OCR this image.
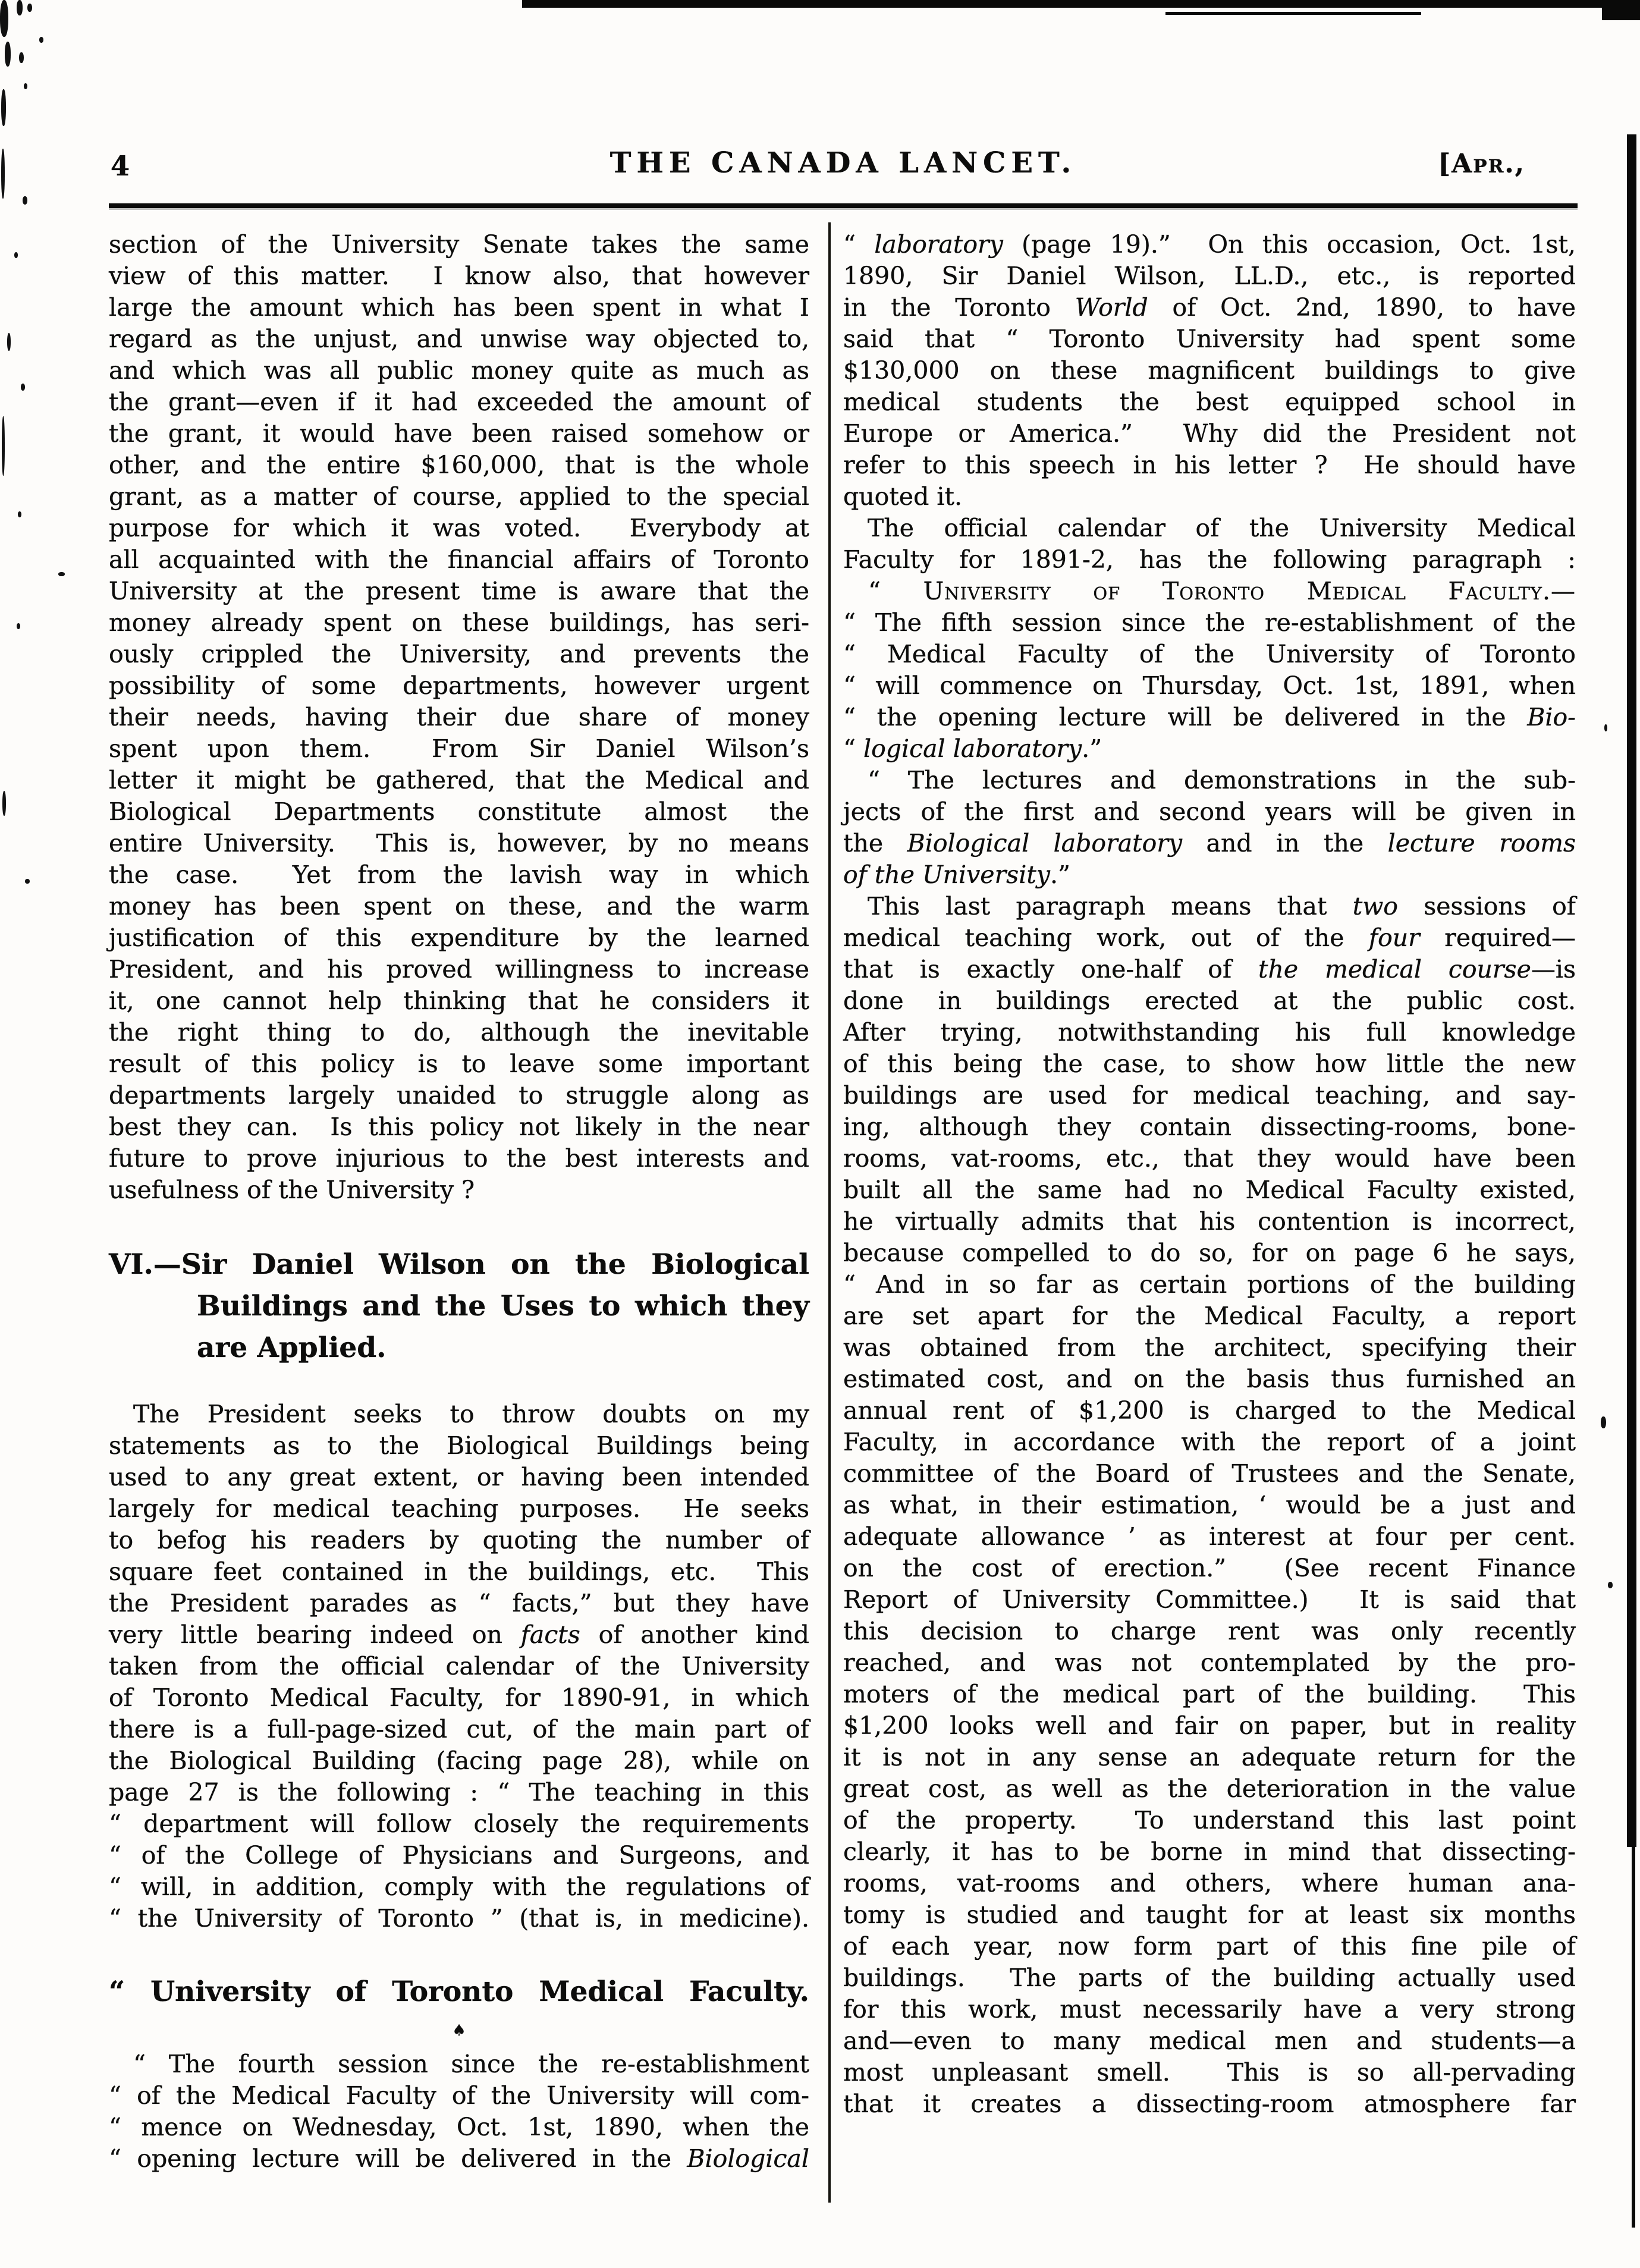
4	THE CANADA LANCET.	[Apr.,
section of the University Senate takes the same
view of this matter.  I know also, that however
large the amount which has been spent in what I
regard as the unjust, and unwise way objected to,
and which was all public money quite as much as
the grant—even if it had exceeded the amount of
the grant, it would have been raised somehow or
other, and the entire $160,000, that is the whole
grant, as a matter of course, applied to the special
purpose for which it was voted.  Everybody at
all acquainted with the financial affairs of Toronto
University at the present time is aware that the
money already spent on these buildings, has seri-
ously crippled the University, and prevents the
possibility of some departments, however urgent
their needs, having their due share of money
spent upon them.  From Sir Daniel Wilson’s
letter it might be gathered, that the Medical and
Biological Departments constitute almost the
entire University.  This is, however, by no means
the case.  Yet from the lavish way in which
money has been spent on these, and the warm
justification of this expenditure by the learned
President, and his proved willingness to increase
it, one cannot help thinking that he considers it
the right thing to do, although the inevitable
result of this policy is to leave some important
departments largely unaided to struggle along as
best they can.  Is this policy not likely in the near
future to prove injurious to the best interests and
usefulness of the University ?
VI.—Sir Daniel Wilson on the Biological
Buildings and the Uses to which they
are Applied.
 The President seeks to throw doubts on my
statements as to the Biological Buildings being
used to any great extent, or having been intended
largely for medical teaching purposes.  He seeks
to befog his readers by quoting the number of
square feet contained in the buildings, etc.  This
the President parades as “ facts,” but they have
very little bearing indeed on facts of another kind
taken from the official calendar of the University
of Toronto Medical Faculty, for 1890-91, in which
there is a full-page-sized cut, of the main part of
the Biological Building (facing page 28), while on
page 27 is the following : “ The teaching in this
“ department will follow closely the requirements
“ of the College of Physicians and Surgeons, and
“ will, in addition, comply with the regulations of
“ the University of Toronto ” (that is, in medicine).
“ University of Toronto Medical Faculty.
♠
 “ The fourth session since the re-establishment
“ of the Medical Faculty of the University will com-
“ mence on Wednesday, Oct. 1st, 1890, when the
“ opening lecture will be delivered in the Biological
“ laboratory (page 19).”  On this occasion, Oct. 1st,
1890, Sir Daniel Wilson, LL.D., etc., is reported
in the Toronto World of Oct. 2nd, 1890, to have
said that “ Toronto University had spent some
$130,000 on these magnificent buildings to give
medical students the best equipped school in
Europe or America.”  Why did the President not
refer to this speech in his letter ?  He should have
quoted it.
 The official calendar of the University Medical
Faculty for 1891-2, has the following paragraph :
 “ University of Toronto Medical Faculty.—
“ The fifth session since the re-establishment of the
“ Medical Faculty of the University of Toronto
“ will commence on Thursday, Oct. 1st, 1891, when
“ the opening lecture will be delivered in the Bio-
“ logical laboratory.”
 “ The lectures and demonstrations in the sub-
jects of the first and second years will be given in
the Biological laboratory and in the lecture rooms
of the University.”
 This last paragraph means that two sessions of
medical teaching work, out of the four required—
that is exactly one-half of the medical course—is
done in buildings erected at the public cost.
After trying, notwithstanding his full knowledge
of this being the case, to show how little the new
buildings are used for medical teaching, and say-
ing, although they contain dissecting-rooms, bone-
rooms, vat-rooms, etc., that they would have been
built all the same had no Medical Faculty existed,
he virtually admits that his contention is incorrect,
because compelled to do so, for on page 6 he says,
“ And in so far as certain portions of the building
are set apart for the Medical Faculty, a report
was obtained from the architect, specifying their
estimated cost, and on the basis thus furnished an
annual rent of $1,200 is charged to the Medical
Faculty, in accordance with the report of a joint
committee of the Board of Trustees and the Senate,
as what, in their estimation, ‘ would be a just and
adequate allowance ’ as interest at four per cent.
on the cost of erection.”  (See recent Finance
Report of University Committee.)  It is said that
this decision to charge rent was only recently
reached, and was not contemplated by the pro-
moters of the medical part of the building.  This
$1,200 looks well and fair on paper, but in reality
it is not in any sense an adequate return for the
great cost, as well as the deterioration in the value
of the property.  To understand this last point
clearly, it has to be borne in mind that dissecting-
rooms, vat-rooms and others, where human ana-
tomy is studied and taught for at least six months
of each year, now form part of this fine pile of
buildings.  The parts of the building actually used
for this work, must necessarily have a very strong
and—even to many medical men and students—a
most unpleasant smell.  This is so all-pervading
that it creates a dissecting-room atmosphere far
